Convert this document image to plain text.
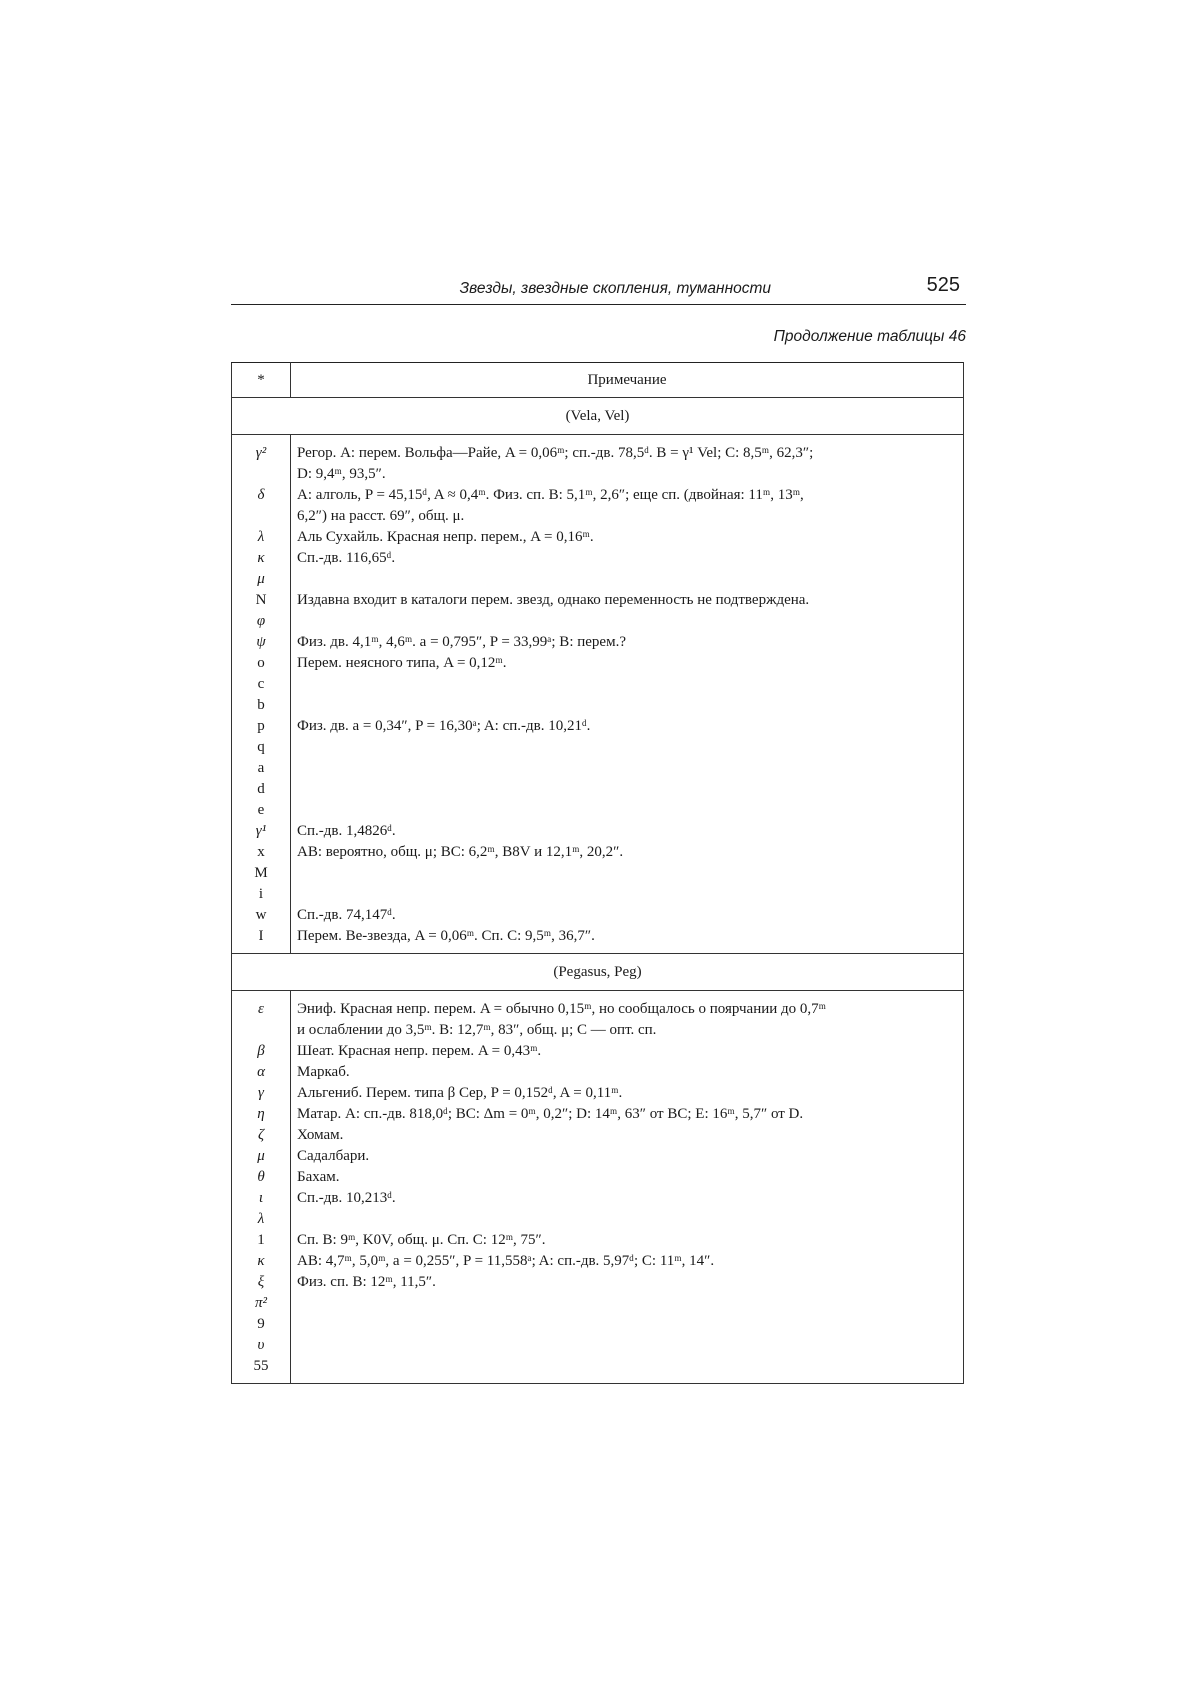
Звезды, звездные скопления, туманности	525
Продолжение таблицы 46
*	Примечание
(Vela, Vel)	
γ²	Регор. A: перем. Вольфа—Райе, A = 0,06ᵐ; сп.-дв. 78,5ᵈ. B = γ¹ Vel; C: 8,5ᵐ, 62,3″;
D: 9,4ᵐ, 93,5″.

δ	A: алголь, P = 45,15ᵈ, A ≈ 0,4ᵐ. Физ. сп. B: 5,1ᵐ, 2,6″; еще сп. (двойная: 11ᵐ, 13ᵐ,
6,2″) на расст. 69″, общ. μ.

λ	Аль Сухайль. Красная непр. перем., A = 0,16ᵐ.

κ	Сп.-дв. 116,65ᵈ.

μ	

N	Издавна входит в каталоги перем. звезд, однако переменность не подтверждена.

φ	

ψ	Физ. дв. 4,1ᵐ, 4,6ᵐ. a = 0,795″, P = 33,99ᵃ; B: перем.?

o	Перем. неясного типа, A = 0,12ᵐ.

c	

b	

p	Физ. дв. a = 0,34″, P = 16,30ᵃ; A: сп.-дв. 10,21ᵈ.

q	

a	

d	

e	

γ¹	Сп.-дв. 1,4826ᵈ.

x	AB: вероятно, общ. μ; BC: 6,2ᵐ, B8V и 12,1ᵐ, 20,2″.

M	

i	

w	Сп.-дв. 74,147ᵈ.

I	Перем. Be-звезда, A = 0,06ᵐ. Сп. C: 9,5ᵐ, 36,7″.

(Pegasus, Peg)	
ε	Эниф. Красная непр. перем. A = обычно 0,15ᵐ, но сообщалось о поярчании до 0,7ᵐ
и ослаблении до 3,5ᵐ. B: 12,7ᵐ, 83″, общ. μ; C — опт. сп.

β	Шеат. Красная непр. перем. A = 0,43ᵐ.

α	Маркаб.

γ	Альгениб. Перем. типа β Cep, P = 0,152ᵈ, A = 0,11ᵐ.

η	Матар. A: сп.-дв. 818,0ᵈ; BC: Δm = 0ᵐ, 0,2″; D: 14ᵐ, 63″ от BC; E: 16ᵐ, 5,7″ от D.

ζ	Хомам.

μ	Садалбари.

θ	Бахам.

ι	Сп.-дв. 10,213ᵈ.

λ	

1	Сп. B: 9ᵐ, K0V, общ. μ. Сп. C: 12ᵐ, 75″.

κ	AB: 4,7ᵐ, 5,0ᵐ, a = 0,255″, P = 11,558ᵃ; A: сп.-дв. 5,97ᵈ; C: 11ᵐ, 14″.

ξ	Физ. сп. B: 12ᵐ, 11,5″.

π²	

9	

υ	

55	
